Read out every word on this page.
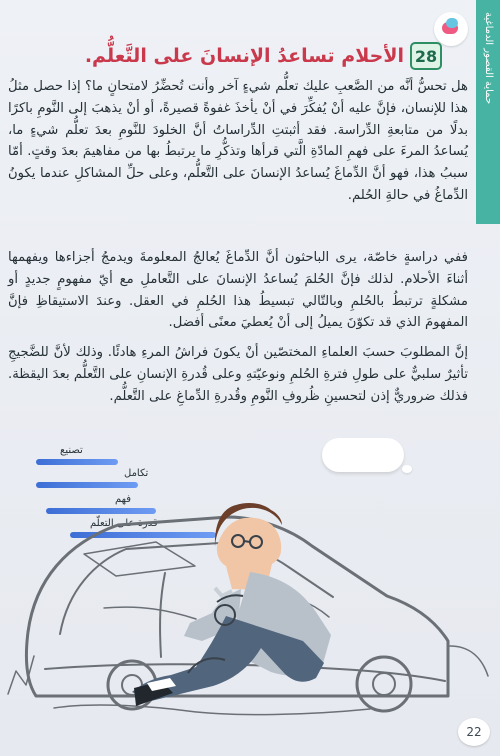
حماية القصور الدماغية
28
الأحلام تساعدُ الإنسانَ على التَّعلُّم.

هل تحسُّ أنَّه من الصَّعبِ عليك تعلُّم شيءٍ آخر وأنت تُحضِّرُ لامتحانٍ ما؟ إذا حصل مثلُ هذا للإنسان، فإنَّ عليه أنْ يُفكِّرَ في أنْ يأخذَ غفوةً قصيرةً، أو أنْ يذهبَ إلى النَّومِ باكرًا بدلًا من متابعةِ الدِّراسة. فقد أثبتتِ الدِّراساتُ أنَّ الخلودَ للنَّومِ بعدَ تعلُّم شيءٍ ما، يُساعدُ المرءَ على فهمِ المادّةِ الَّتي قرأها وتذكُّرِ ما يرتبطُ بها من مفاهيمَ بعدَ وقتٍ. أمّا سببُ هذا، فهو أنَّ الدِّماغَ يُساعدُ الإنسانَ على التَّعلُّم، وعلى حلِّ المشاكلِ عندما يكونُ الدِّماغُ في حالةِ الحُلم.

ففي دراسةٍ خاصّة، يرى الباحثون أنَّ الدِّماغَ يُعالجُ المعلومةَ ويدمجُ أجزاءها ويفهمها أثناءَ الأحلام. لذلك فإنَّ الحُلمَ يُساعدُ الإنسانَ على التَّعاملِ مع أيّ مفهومٍ جديدٍ أو مشكلةٍ ترتبطُ بالحُلمِ وبالتّالي تبسيطُ هذا الحُلمِ في العقل. وعندَ الاستيقاظِ فإنَّ المفهومَ الذي قد تكوّنَ يميلُ إلى أنْ يُعطيَ معنًى أفضل.

إنَّ المطلوبَ حسبَ العلماءِ المختصّين أنْ يكونَ فراشُ المرءِ هادئًا. وذلك لأنَّ للضَّجيجِ تأثيرٌ سلبيٌّ على طولِ فترةِ الحُلمِ ونوعيّتهِ وعلى قُدرةِ الإنسانِ على التَّعلُّم بعدَ اليقظة. فذلك ضروريٌّ إذن لتحسينِ ظُروفِ النَّومِ وقُدرةِ الدِّماغِ على التَّعلُّم.

تصنيع
تكامل
فهم
قدرة على التعلّم
22
